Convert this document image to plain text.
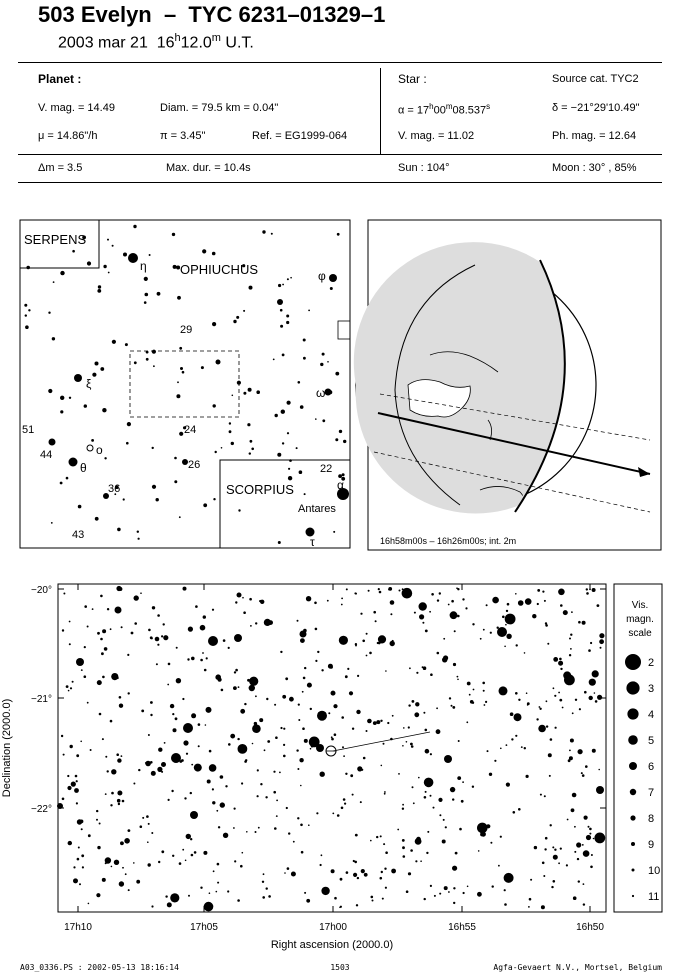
503 Evelyn  –  TYC 6231–01329–1
2003 mar 21 16$^h$12.0$^m$ U.T.
Planet :
V. mag. = 14.49	Diam. = 79.5 km = 0.04"
μ = 14.86"/h	π = 3.45"	Ref. = EG1999-064
Star :	Source cat. TYC2
$\alpha = 17^h00^m08.537^s$	δ = −21°29'10.49"
V. mag. = 11.02	Ph. mag. = 12.64
Δm = 3.5	Max. dur. = 10.4s	Sun : 104°	Moon : 30° , 85%
SERPENS
OPHIUCHUS
SCORPIUS
Antares
η
φ
ξ
ω
θ
o
α
τ
29
24
26	22
51
44
36
43	16h58m00s – 16h26m00s; int. 2m
17h10	17h05	17h00	16h55	16h50
−20°
−21°
−22°
Right ascension (2000.0)
Declination (2000.0)
Vis.
magn.
scale
2
3
4
5
6
7
8
9
10
11
A03_0336.PS : 2002-05-13 18:16:14	1503	Agfa-Gevaert N.V., Mortsel, Belgium
